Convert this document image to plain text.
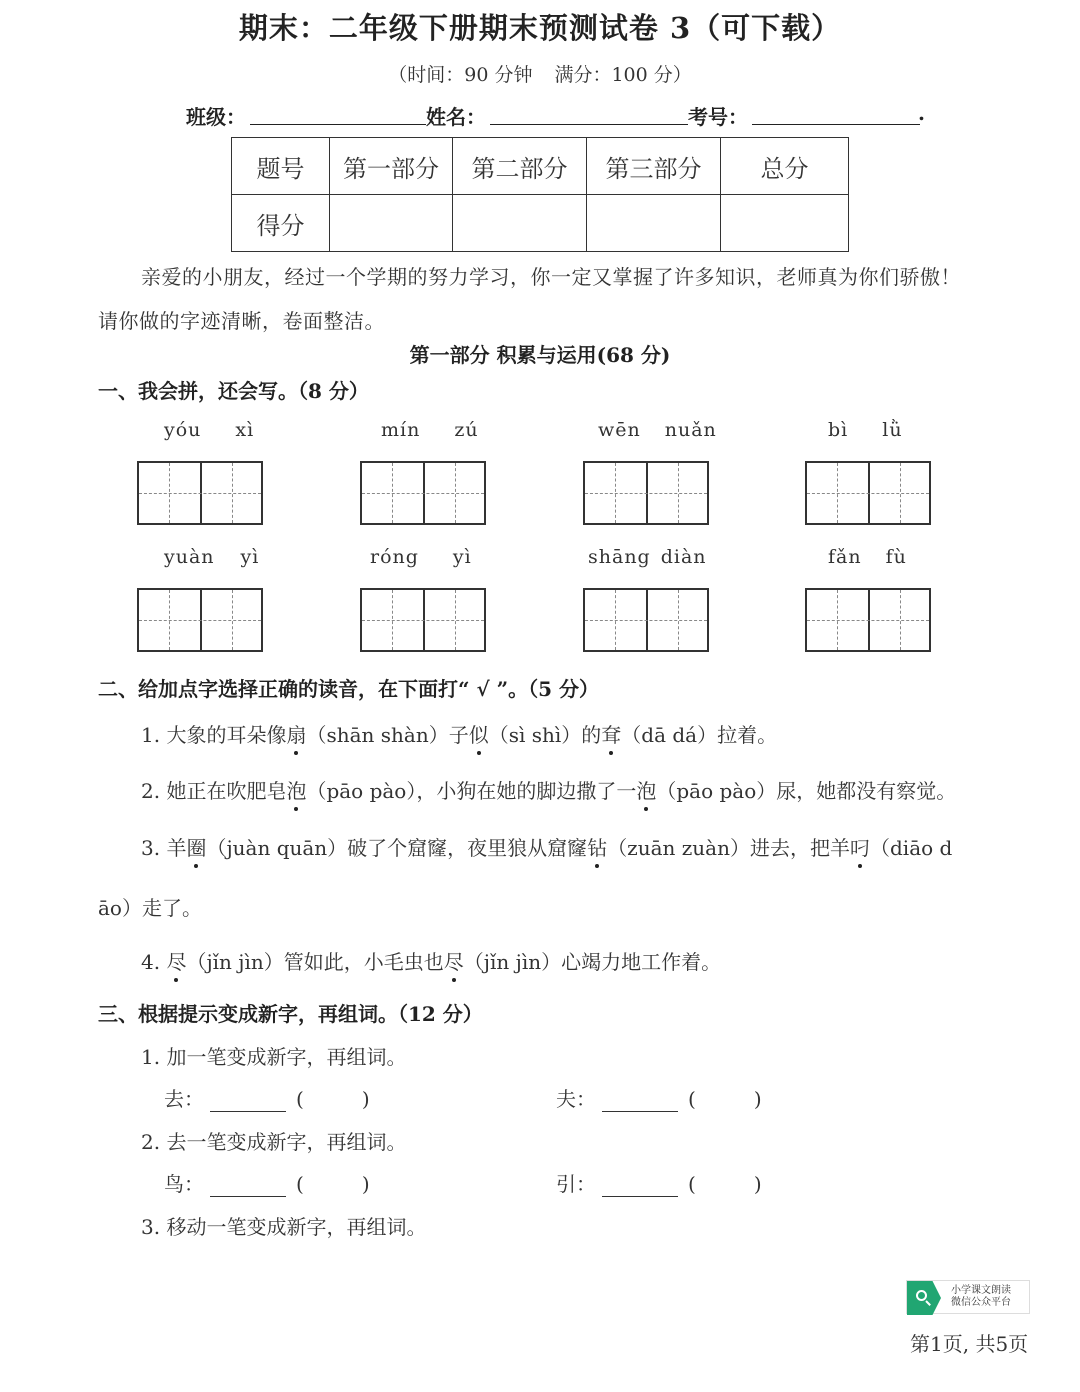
期末：二年级下册期末预测试卷 3（可下载）
（时间：90 分钟 满分：100 分）
班级：	姓名：	考号：	.
题号	第一部分	第二部分	第三部分	总分
得分				
亲爱的小朋友，经过一个学期的努力学习，你一定又掌握了许多知识，老师真为你们骄傲！
请你做的字迹清晰，卷面整洁。
第一部分 积累与运用(68 分)
一、我会拼，还会写。（8 分）
yóu xì	mín zú	wēn nuǎn	bì lǜ
yuàn yì	róng yì	shāng diàn	fǎn fù
二、给加点字选择正确的读音，在下面打“ √ ”。（5 分）
1. 大象的耳朵像扇（shān shàn）子似（sì shì）的耷（dā dá）拉着。
2. 她正在吹肥皂泡（pāo pào），小狗在她的脚边撒了一泡（pāo pào）尿，她都没有察觉。
3. 羊圈（juàn quān）破了个窟窿，夜里狼从窟窿钻（zuān zuàn）进去，把羊叼（diāo d
āo）走了。
4. 尽（jǐn jìn）管如此，小毛虫也尽（jǐn jìn）心竭力地工作着。
三、根据提示变成新字，再组词。（12 分）
1. 加一笔变成新字，再组词。
去：	(	)	夫：	(	)
2. 去一笔变成新字，再组词。
鸟：	(	)	引：	(	)
3. 移动一笔变成新字，再组词。
小学课文朗读
微信公众平台
第1页, 共5页
